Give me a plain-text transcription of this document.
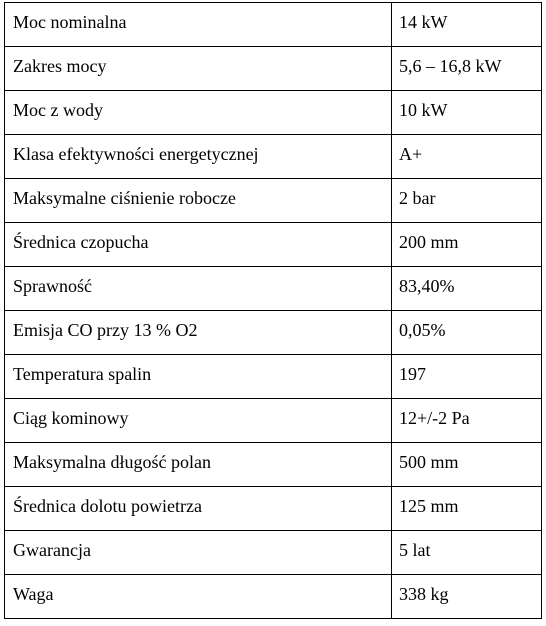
Moc nominalna	14 kW
Zakres mocy	5,6 – 16,8 kW
Moc z wody	10 kW
Klasa efektywności energetycznej	A+
Maksymalne ciśnienie robocze	2 bar
Średnica czopucha	200 mm
Sprawność	83,40%
Emisja CO przy 13 % O2	0,05%
Temperatura spalin	197
Ciąg kominowy	12+/-2 Pa
Maksymalna długość polan	500 mm
Średnica dolotu powietrza	125 mm
Gwarancja	5 lat
Waga	338 kg
